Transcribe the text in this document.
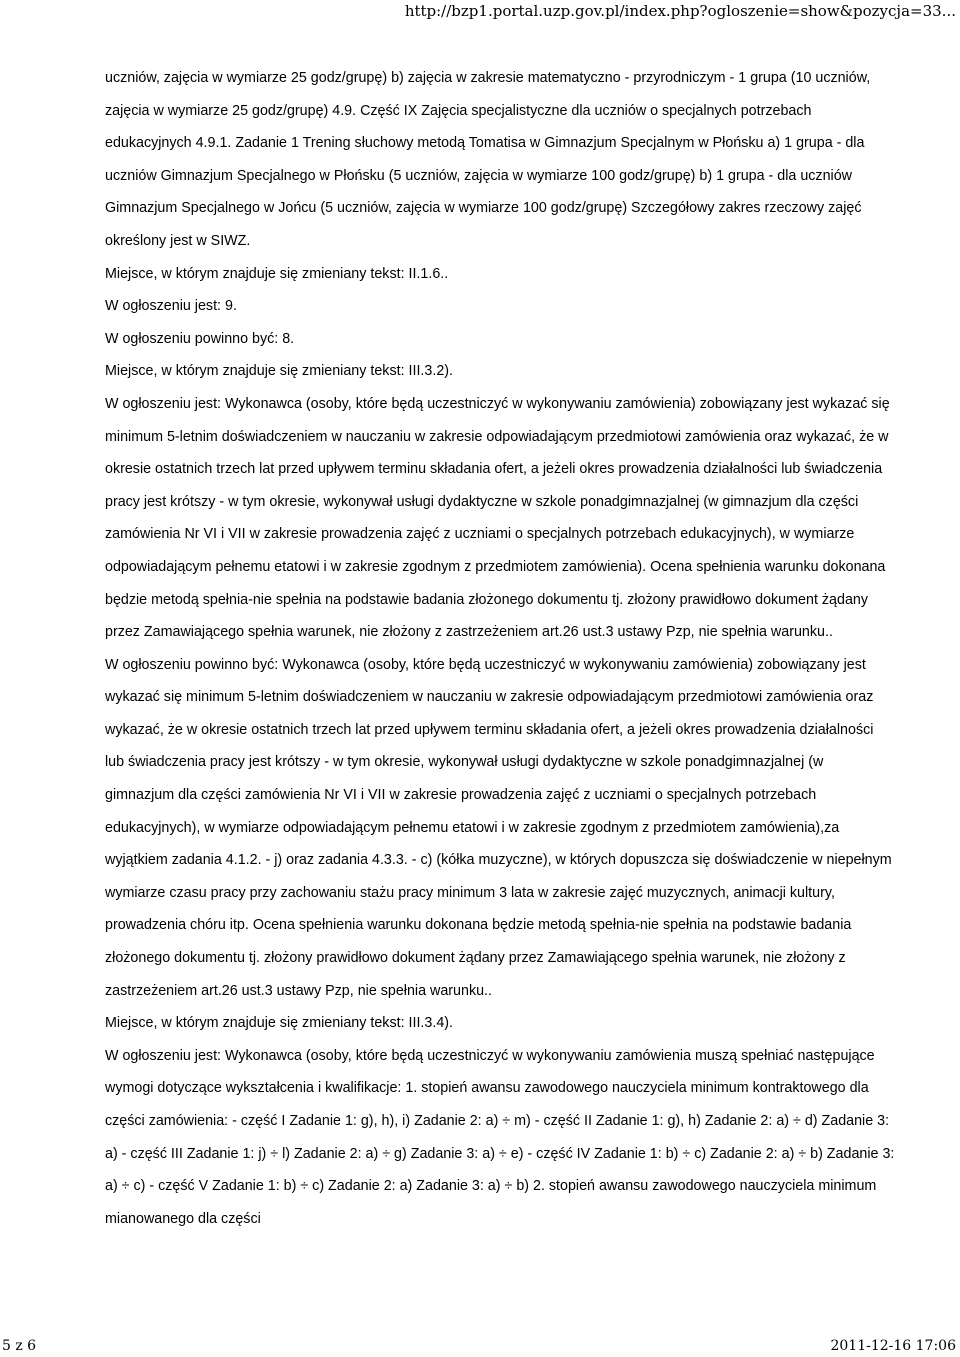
http://bzp1.portal.uzp.gov.pl/index.php?ogloszenie=show&pozycja=33...

uczniów, zajęcia w wymiarze 25 godz/grupę) b) zajęcia w zakresie matematyczno - przyrodniczym - 1 grupa (10 uczniów, zajęcia w wymiarze 25 godz/grupę) 4.9. Część IX Zajęcia specjalistyczne dla uczniów o specjalnych potrzebach edukacyjnych 4.9.1. Zadanie 1 Trening słuchowy metodą Tomatisa w Gimnazjum Specjalnym w Płońsku a) 1 grupa - dla uczniów Gimnazjum Specjalnego w Płońsku (5 uczniów, zajęcia w wymiarze 100 godz/grupę) b) 1 grupa - dla uczniów Gimnazjum Specjalnego w Jońcu (5 uczniów, zajęcia w wymiarze 100 godz/grupę) Szczegółowy zakres rzeczowy zajęć określony jest w SIWZ.

Miejsce, w którym znajduje się zmieniany tekst: II.1.6..

W ogłoszeniu jest: 9.

W ogłoszeniu powinno być: 8.

Miejsce, w którym znajduje się zmieniany tekst: III.3.2).

W ogłoszeniu jest: Wykonawca (osoby, które będą uczestniczyć w wykonywaniu zamówienia) zobowiązany jest wykazać się minimum 5-letnim doświadczeniem w nauczaniu w zakresie odpowiadającym przedmiotowi zamówienia oraz wykazać, że w okresie ostatnich trzech lat przed upływem terminu składania ofert, a jeżeli okres prowadzenia działalności lub świadczenia pracy jest krótszy - w tym okresie, wykonywał usługi dydaktyczne w szkole ponadgimnazjalnej (w gimnazjum dla części zamówienia Nr VI i VII w zakresie prowadzenia zajęć z uczniami o specjalnych potrzebach edukacyjnych), w wymiarze odpowiadającym pełnemu etatowi i w zakresie zgodnym z przedmiotem zamówienia). Ocena spełnienia warunku dokonana będzie metodą spełnia-nie spełnia na podstawie badania złożonego dokumentu tj. złożony prawidłowo dokument żądany przez Zamawiającego spełnia warunek, nie złożony z zastrzeżeniem art.26 ust.3 ustawy Pzp, nie spełnia warunku..

W ogłoszeniu powinno być: Wykonawca (osoby, które będą uczestniczyć w wykonywaniu zamówienia) zobowiązany jest wykazać się minimum 5-letnim doświadczeniem w nauczaniu w zakresie odpowiadającym przedmiotowi zamówienia oraz wykazać, że w okresie ostatnich trzech lat przed upływem terminu składania ofert, a jeżeli okres prowadzenia działalności lub świadczenia pracy jest krótszy - w tym okresie, wykonywał usługi dydaktyczne w szkole ponadgimnazjalnej (w gimnazjum dla części zamówienia Nr VI i VII w zakresie prowadzenia zajęć z uczniami o specjalnych potrzebach edukacyjnych), w wymiarze odpowiadającym pełnemu etatowi i w zakresie zgodnym z przedmiotem zamówienia),za wyjątkiem zadania 4.1.2. - j) oraz zadania 4.3.3. - c) (kółka muzyczne), w których dopuszcza się doświadczenie w niepełnym wymiarze czasu pracy przy zachowaniu stażu pracy minimum 3 lata w zakresie zajęć muzycznych, animacji kultury, prowadzenia chóru itp. Ocena spełnienia warunku dokonana będzie metodą spełnia-nie spełnia na podstawie badania złożonego dokumentu tj. złożony prawidłowo dokument żądany przez Zamawiającego spełnia warunek, nie złożony z zastrzeżeniem art.26 ust.3 ustawy Pzp, nie spełnia warunku..

Miejsce, w którym znajduje się zmieniany tekst: III.3.4).

W ogłoszeniu jest: Wykonawca (osoby, które będą uczestniczyć w wykonywaniu zamówienia muszą spełniać następujące wymogi dotyczące wykształcenia i kwalifikacje: 1. stopień awansu zawodowego nauczyciela minimum kontraktowego dla części zamówienia: - część I Zadanie 1: g), h), i) Zadanie 2: a) ÷ m) - część II Zadanie 1: g), h) Zadanie 2: a) ÷ d) Zadanie 3: a) - część III Zadanie 1: j) ÷ l) Zadanie 2: a) ÷ g) Zadanie 3: a) ÷ e) - część IV Zadanie 1: b) ÷ c) Zadanie 2: a) ÷ b) Zadanie 3: a) ÷ c) - część V Zadanie 1: b) ÷ c) Zadanie 2: a) Zadanie 3: a) ÷ b) 2. stopień awansu zawodowego nauczyciela minimum mianowanego dla części

5 z 6	2011-12-16 17:06
